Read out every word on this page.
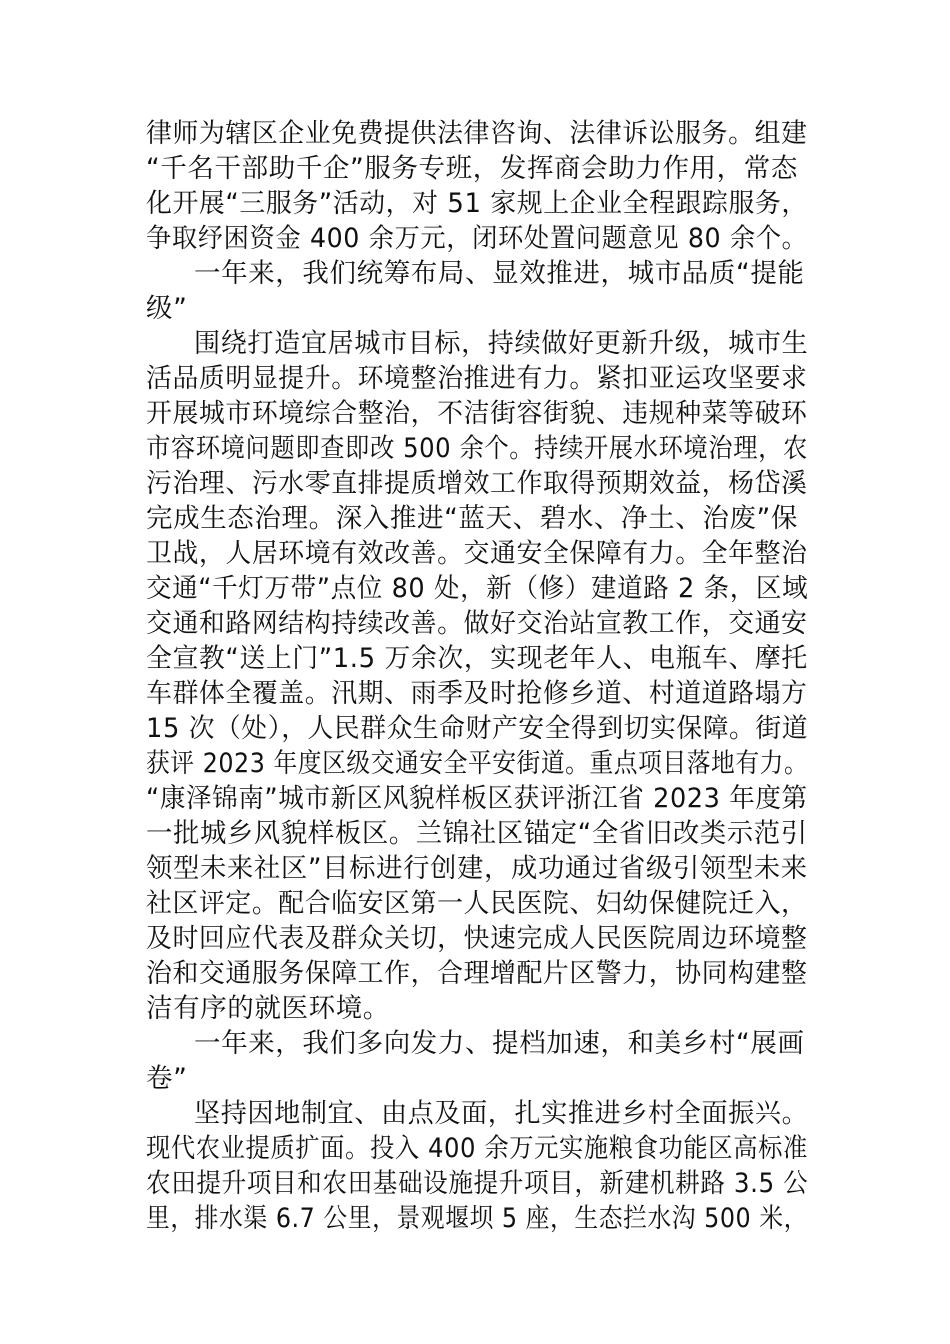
律师为辖区企业免费提供法律咨询、法律诉讼服务。组建
“千名干部助千企”服务专班，发挥商会助力作用，常态
化开展“三服务”活动，对 51 家规上企业全程跟踪服务，
争取纾困资金 400 余万元，闭环处置问题意见 80 余个。
一年来，我们统筹布局、显效推进，城市品质“提能
级”
围绕打造宜居城市目标，持续做好更新升级，城市生
活品质明显提升。环境整治推进有力。紧扣亚运攻坚要求
开展城市环境综合整治，不洁街容街貌、违规种菜等破环
市容环境问题即查即改 500 余个。持续开展水环境治理，农
污治理、污水零直排提质增效工作取得预期效益，杨岱溪
完成生态治理。深入推进“蓝天、碧水、净土、治废”保
卫战，人居环境有效改善。交通安全保障有力。全年整治
交通“千灯万带”点位 80 处，新（修）建道路 2 条，区域
交通和路网结构持续改善。做好交治站宣教工作，交通安
全宣教“送上门”1.5 万余次，实现老年人、电瓶车、摩托
车群体全覆盖。汛期、雨季及时抢修乡道、村道道路塌方
15 次（处），人民群众生命财产安全得到切实保障。街道
获评 2023 年度区级交通安全平安街道。重点项目落地有力。
“康泽锦南”城市新区风貌样板区获评浙江省 2023 年度第
一批城乡风貌样板区。兰锦社区锚定“全省旧改类示范引
领型未来社区”目标进行创建，成功通过省级引领型未来
社区评定。配合临安区第一人民医院、妇幼保健院迁入，
及时回应代表及群众关切，快速完成人民医院周边环境整
治和交通服务保障工作，合理增配片区警力，协同构建整
洁有序的就医环境。
一年来，我们多向发力、提档加速，和美乡村“展画
卷”
坚持因地制宜、由点及面，扎实推进乡村全面振兴。
现代农业提质扩面。投入 400 余万元实施粮食功能区高标准
农田提升项目和农田基础设施提升项目，新建机耕路 3.5 公
里，排水渠 6.7 公里，景观堰坝 5 座，生态拦水沟 500 米，
